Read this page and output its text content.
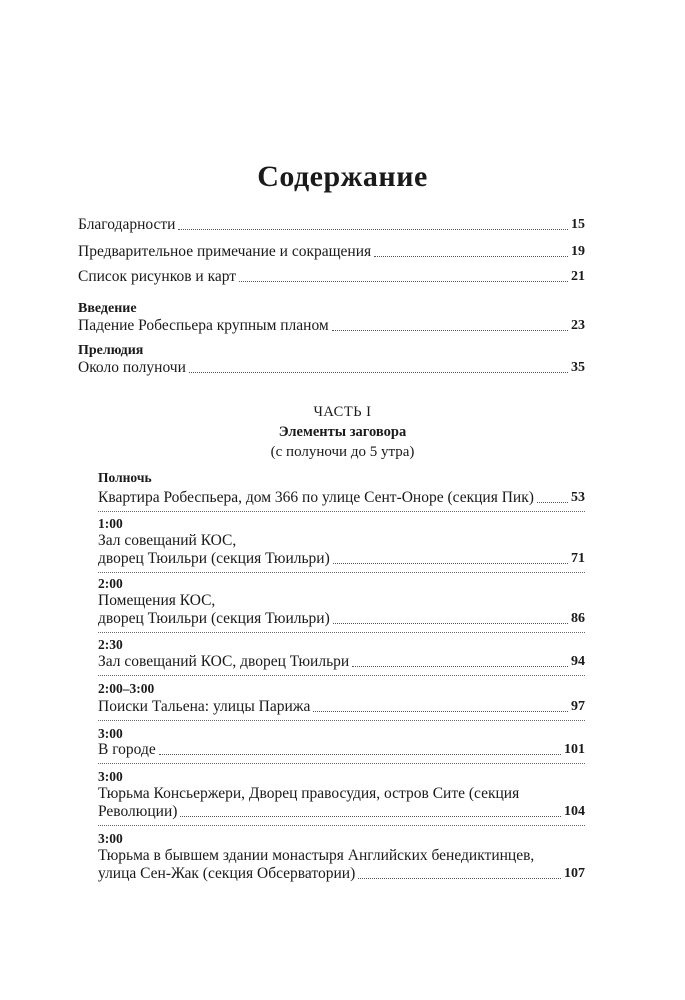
Содержание
Благодарности	15
Предварительное примечание и сокращения	19
Список рисунков и карт	21
Введение
Падение Робеспьера крупным планом	23
Прелюдия
Около полуночи	35
ЧАСТЬ I
Элементы заговора
(с полуночи до 5 утра)
Полночь
Квартира Робеспьера, дом 366 по улице Сент-Оноре (секция Пик)	53
1:00
Зал совещаний КОС,
дворец Тюильри (секция Тюильри)	71
2:00
Помещения КОС,
дворец Тюильри (секция Тюильри)	86
2:30
Зал совещаний КОС, дворец Тюильри	94
2:00–3:00
Поиски Тальена: улицы Парижа	97
3:00
В городе	101
3:00
Тюрьма Консьержери, Дворец правосудия, остров Сите (секция
Революции)	104
3:00
Тюрьма в бывшем здании монастыря Английских бенедиктинцев,
улица Сен-Жак (секция Обсерватории)	107
